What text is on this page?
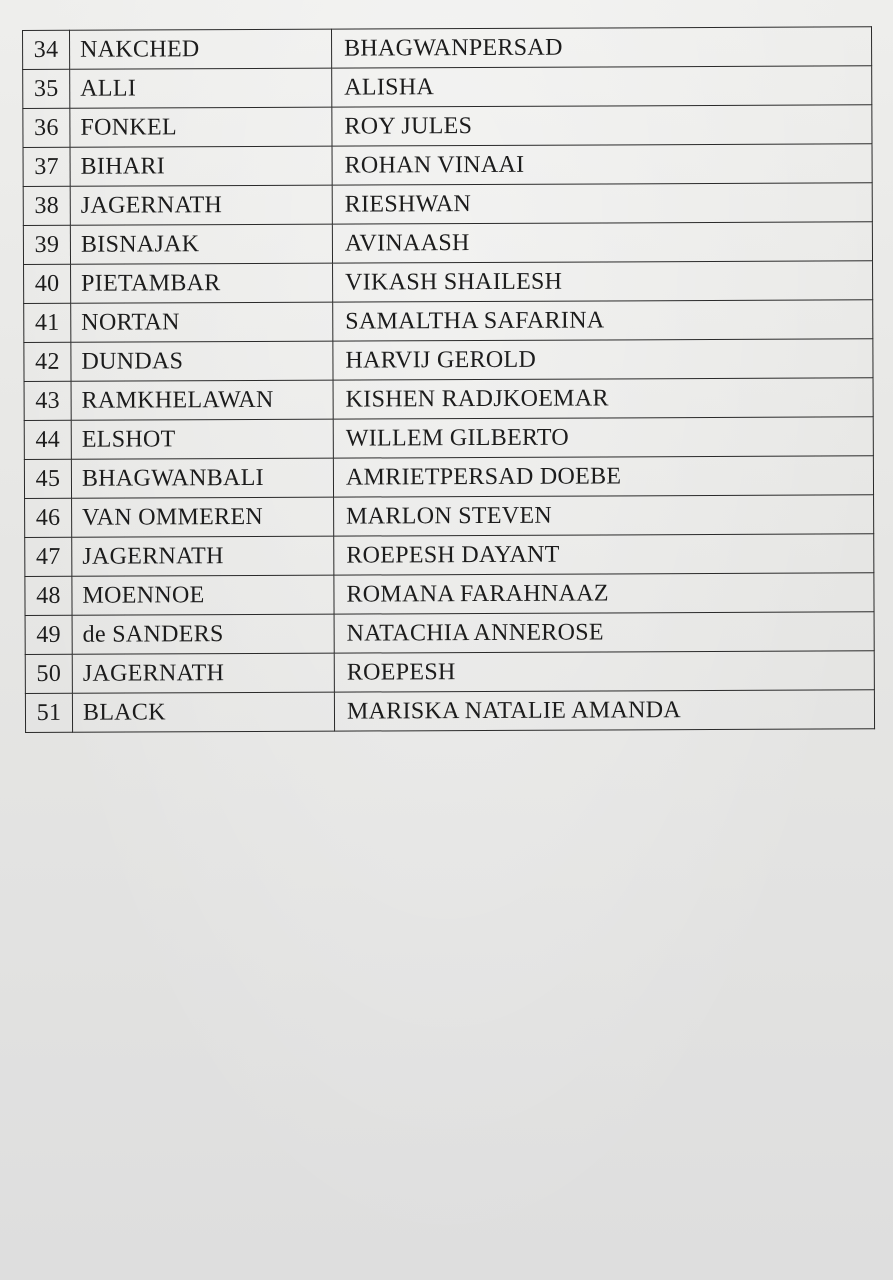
34	NAKCHED	BHAGWANPERSAD
35	ALLI	ALISHA
36	FONKEL	ROY JULES
37	BIHARI	ROHAN VINAAI
38	JAGERNATH	RIESHWAN
39	BISNAJAK	AVINAASH
40	PIETAMBAR	VIKASH SHAILESH
41	NORTAN	SAMALTHA SAFARINA
42	DUNDAS	HARVIJ GEROLD
43	RAMKHELAWAN	KISHEN RADJKOEMAR
44	ELSHOT	WILLEM GILBERTO
45	BHAGWANBALI	AMRIETPERSAD DOEBE
46	VAN OMMEREN	MARLON STEVEN
47	JAGERNATH	ROEPESH DAYANT
48	MOENNOE	ROMANA FARAHNAAZ
49	de SANDERS	NATACHIA ANNEROSE
50	JAGERNATH	ROEPESH
51	BLACK	MARISKA NATALIE AMANDA
